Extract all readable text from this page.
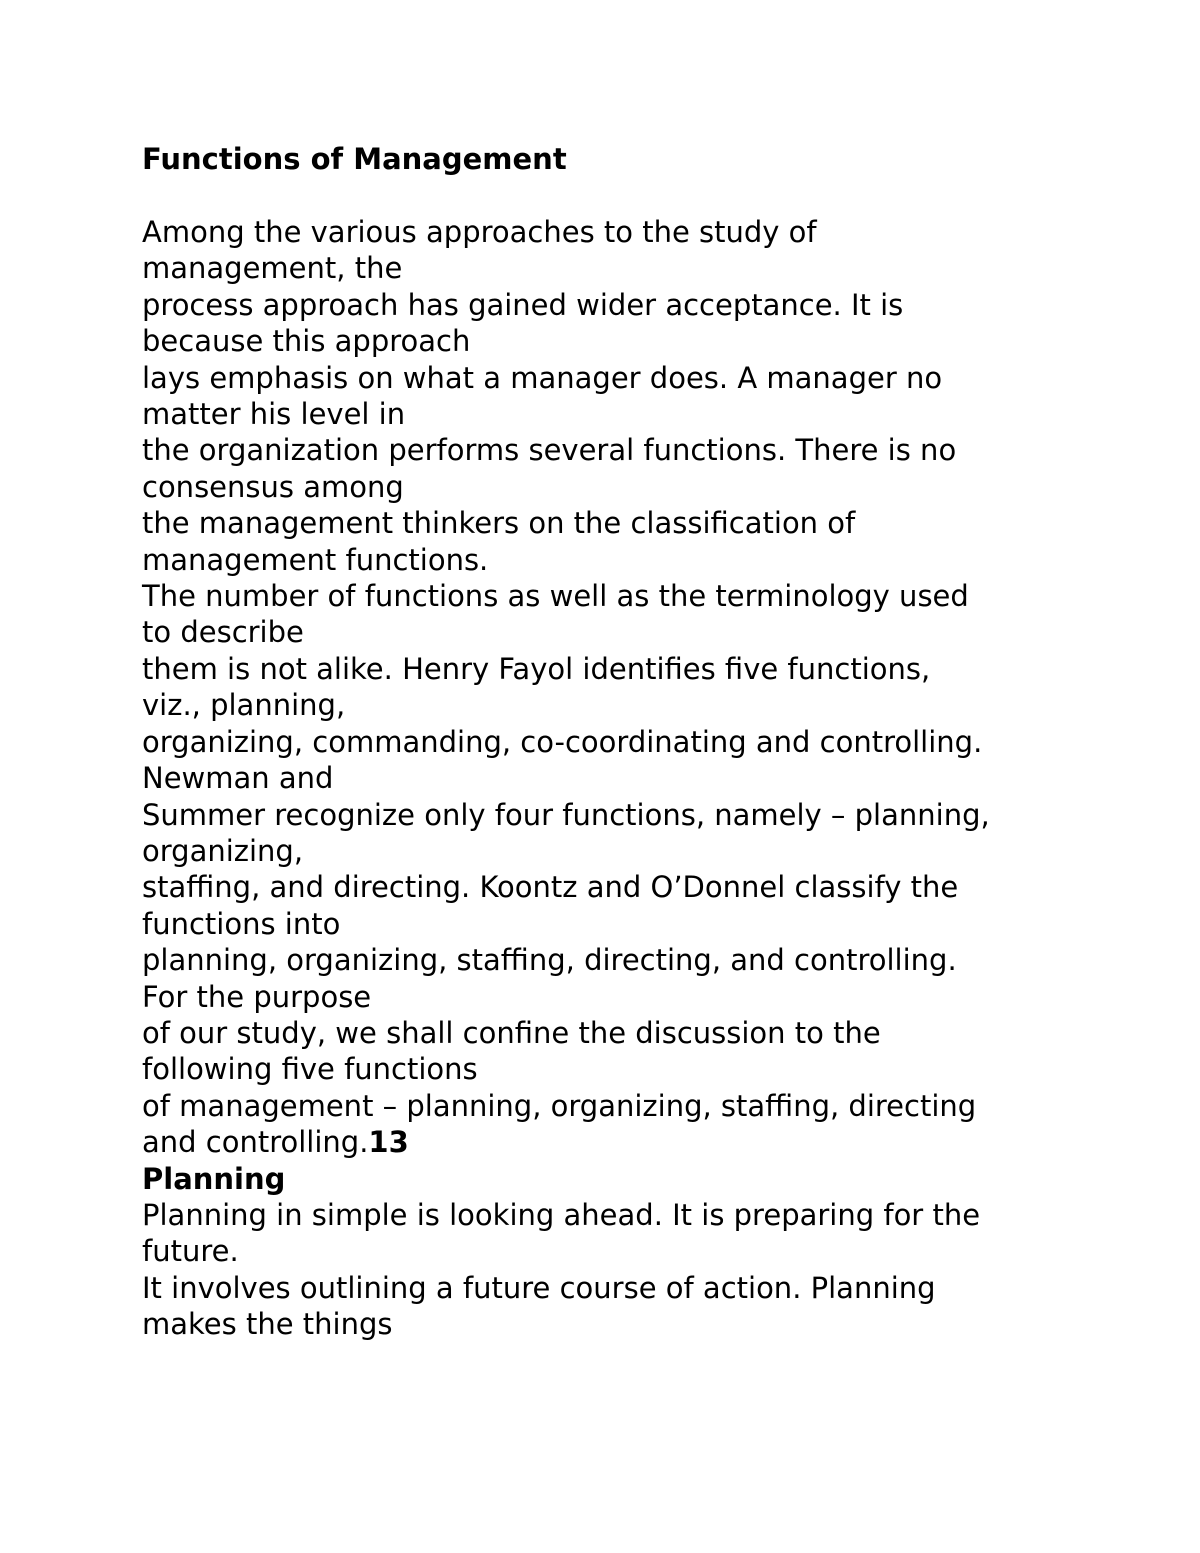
Functions of Management

Among the various approaches to the study of

management, the

process approach has gained wider acceptance. It is

because this approach

lays emphasis on what a manager does. A manager no

matter his level in

the organization performs several functions. There is no

consensus among

the management thinkers on the classification of

management functions.

The number of functions as well as the terminology used

to describe

them is not alike. Henry Fayol identifies five functions,

viz., planning,

organizing, commanding, co-coordinating and controlling.

Newman and

Summer recognize only four functions, namely – planning,

organizing,

staffing, and directing. Koontz and O’Donnel classify the

functions into

planning, organizing, staffing, directing, and controlling.

For the purpose

of our study, we shall confine the discussion to the

following five functions

of management – planning, organizing, staffing, directing

and controlling.13

Planning

Planning in simple is looking ahead. It is preparing for the

future.

It involves outlining a future course of action. Planning

makes the things
